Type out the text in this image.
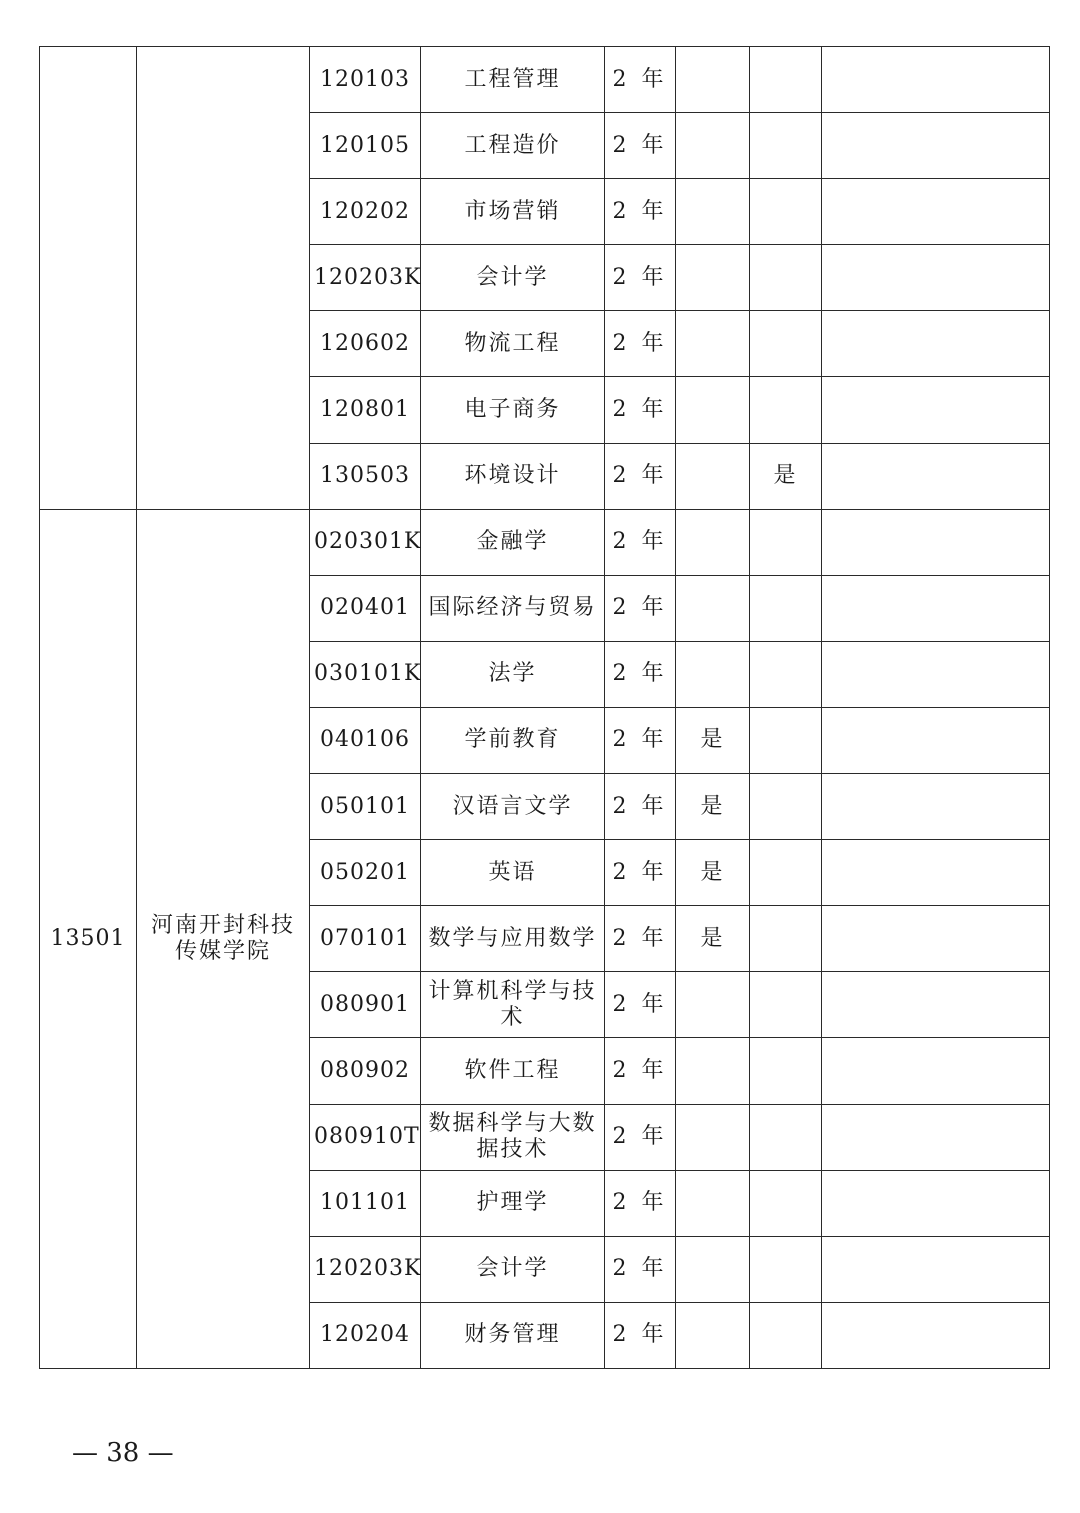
		120103	工程管理	2 年			
		120105	工程造价	2 年			
		120202	市场营销	2 年			
		120203K	会计学	2 年			
		120602	物流工程	2 年			
		120801	电子商务	2 年			
		130503	环境设计	2 年		是	
13501	河南开封科技传媒学院	020301K	金融学	2 年			
		020401	国际经济与贸易	2 年			
		030101K	法学	2 年			
		040106	学前教育	2 年	是		
		050101	汉语言文学	2 年	是		
		050201	英语	2 年	是		
		070101	数学与应用数学	2 年	是		
		080901	计算机科学与技术	2 年			
		080902	软件工程	2 年			
		080910T	数据科学与大数据技术	2 年			
		101101	护理学	2 年			
		120203K	会计学	2 年			
		120204	财务管理	2 年			
— 38 —
